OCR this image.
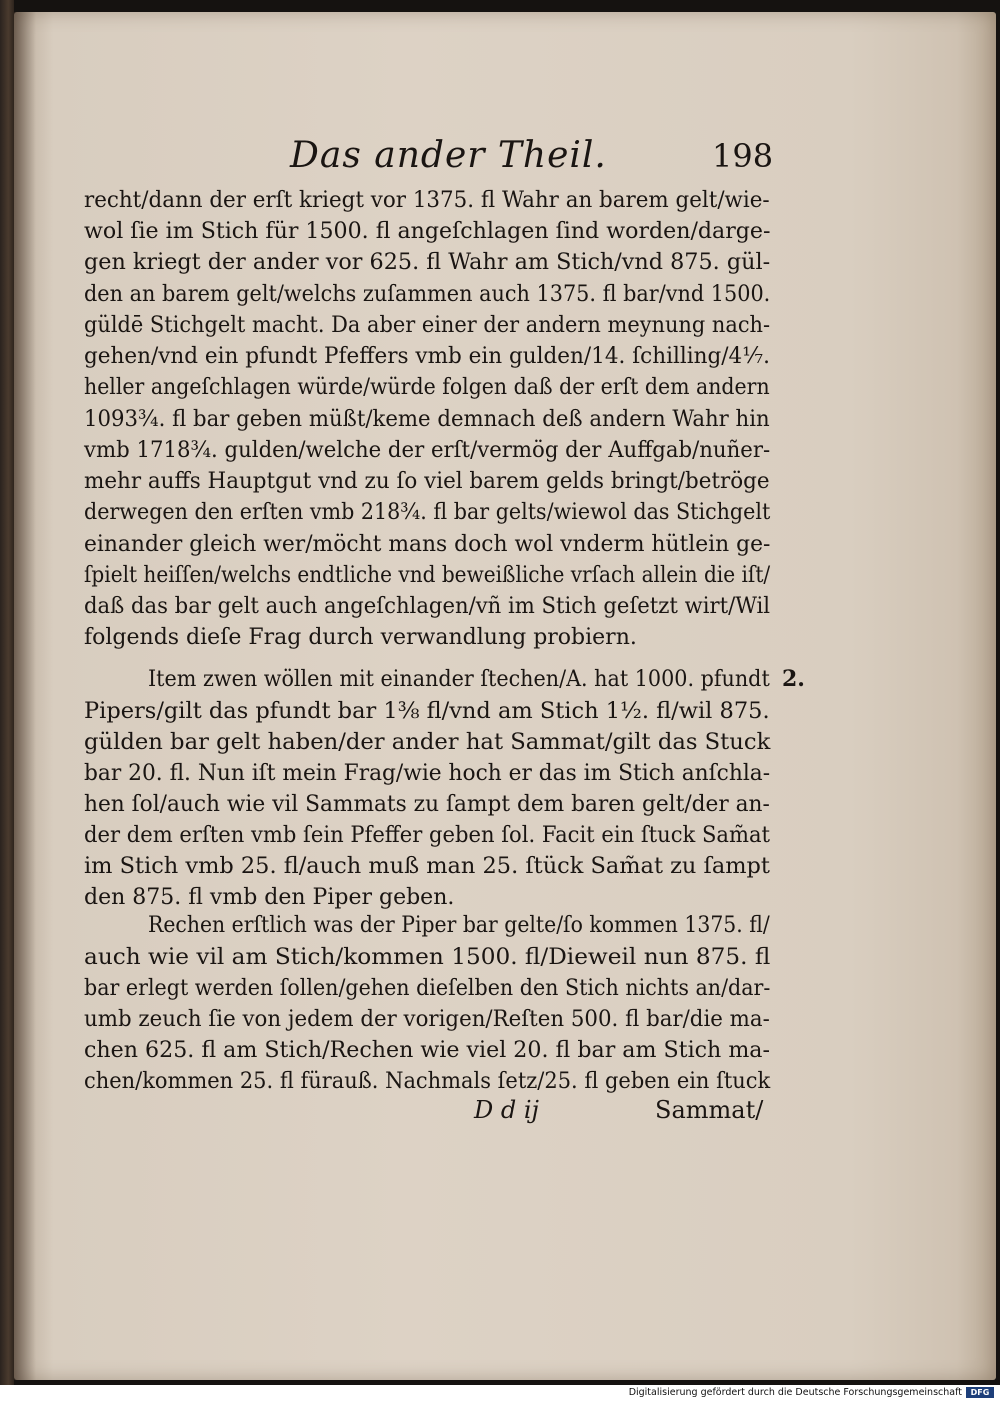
Das ander Theil.	198
recht/dann der erſt kriegt vor 1375. fl Wahr an barem gelt/wie-
wol ſie im Stich für 1500. fl angeſchlagen ſind worden/darge-
gen kriegt der ander vor 625. fl Wahr am Stich/vnd 875. gül-
den an barem gelt/welchs zuſammen auch 1375. fl bar/vnd 1500.
güldē Stichgelt macht. Da aber einer der andern meynung nach-
gehen/vnd ein pfundt Pfeffers vmb ein gulden/14. ſchilling/4⅐.
heller angeſchlagen würde/würde folgen daß der erſt dem andern
1093¾. fl bar geben müßt/keme demnach deß andern Wahr hin
vmb 1718¾. gulden/welche der erſt/vermög der Auffgab/nuñer-
mehr auffs Hauptgut vnd zu ſo viel barem gelds bringt/betröge
derwegen den erſten vmb 218¾. fl bar gelts/wiewol das Stichgelt
einander gleich wer/möcht mans doch wol vnderm hütlein ge-
ſpielt heiſſen/welchs endtliche vnd beweißliche vrſach allein die iſt/
daß das bar gelt auch angeſchlagen/vñ im Stich geſetzt wirt/Wil
folgends dieſe Frag durch verwandlung probiern.
Item zwen wöllen mit einander ſtechen/A. hat 1000. pfundt
Pipers/gilt das pfundt bar 1⅜ fl/vnd am Stich 1½. fl/wil 875.
gülden bar gelt haben/der ander hat Sammat/gilt das Stuck
bar 20. fl. Nun iſt mein Frag/wie hoch er das im Stich anſchla-
hen ſol/auch wie vil Sammats zu ſampt dem baren gelt/der an-
der dem erſten vmb ſein Pfeffer geben ſol. Facit ein ſtuck Sam̃at
im Stich vmb 25. fl/auch muß man 25. ſtück Sam̃at zu ſampt
den 875. fl vmb den Piper geben.
Rechen erſtlich was der Piper bar gelte/ſo kommen 1375. fl/
auch wie vil am Stich/kommen 1500. fl/Dieweil nun 875. fl
bar erlegt werden ſollen/gehen dieſelben den Stich nichts an/dar-
umb zeuch ſie von jedem der vorigen/Reſten 500. fl bar/die ma-
chen 625. fl am Stich/Rechen wie viel 20. fl bar am Stich ma-
chen/kommen 25. fl fürauß. Nachmals ſetz/25. fl geben ein ſtuck
2.
D d ij	Sammat/
Digitalisierung gefördert durch die Deutsche Forschungsgemeinschaft	DFG
